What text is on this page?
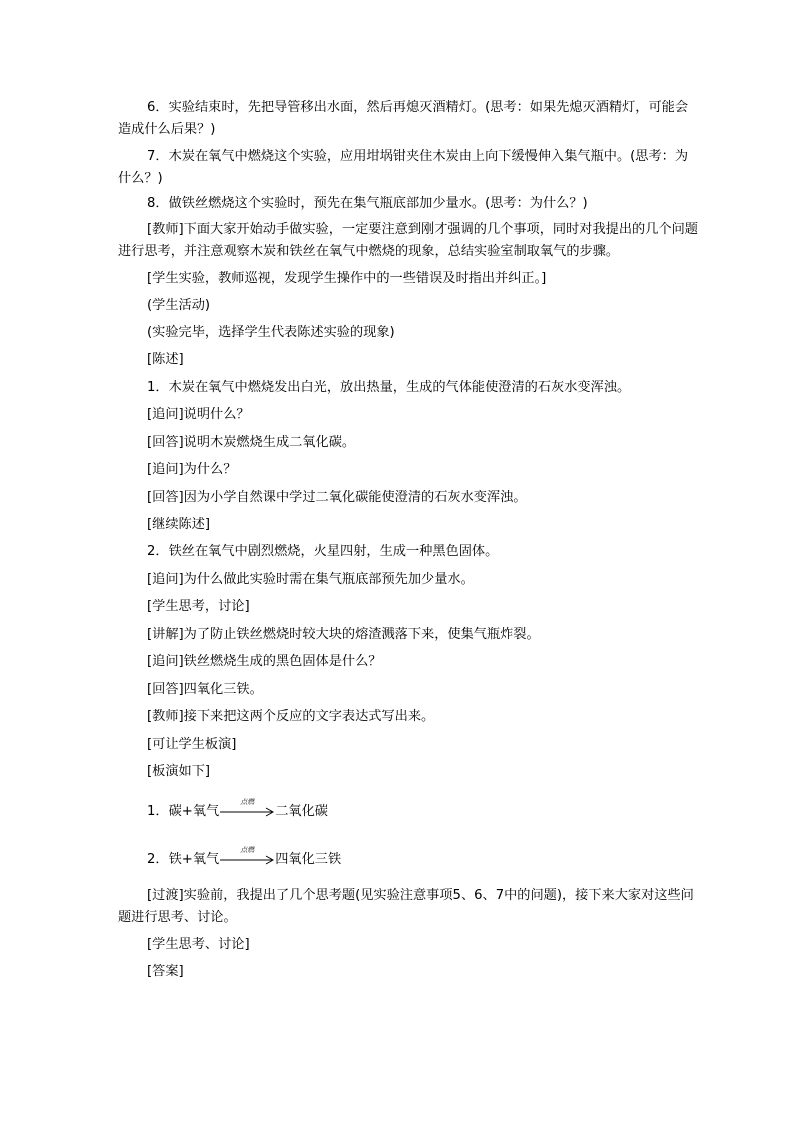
6．实验结束时，先把导管移出水面，然后再熄灭酒精灯。(思考：如果先熄灭酒精灯，可能会造成什么后果？)

7．木炭在氧气中燃烧这个实验，应用坩埚钳夹住木炭由上向下缓慢伸入集气瓶中。(思考：为什么？)

8．做铁丝燃烧这个实验时，预先在集气瓶底部加少量水。(思考：为什么？)

[教师]下面大家开始动手做实验，一定要注意到刚才强调的几个事项，同时对我提出的几个问题进行思考，并注意观察木炭和铁丝在氧气中燃烧的现象，总结实验室制取氧气的步骤。

[学生实验，教师巡视，发现学生操作中的一些错误及时指出并纠正。]

(学生活动)

(实验完毕，选择学生代表陈述实验的现象)

[陈述]

1．木炭在氧气中燃烧发出白光，放出热量，生成的气体能使澄清的石灰水变浑浊。

[追问]说明什么？

[回答]说明木炭燃烧生成二氧化碳。

[追问]为什么？

[回答]因为小学自然课中学过二氧化碳能使澄清的石灰水变浑浊。

[继续陈述]

2．铁丝在氧气中剧烈燃烧，火星四射，生成一种黑色固体。

[追问]为什么做此实验时需在集气瓶底部预先加少量水。

[学生思考，讨论]

[讲解]为了防止铁丝燃烧时较大块的熔渣溅落下来，使集气瓶炸裂。

[追问]铁丝燃烧生成的黑色固体是什么？

[回答]四氧化三铁。

[教师]接下来把这两个反应的文字表达式写出来。

[可让学生板演]

[板演如下]

1．碳+氧气
点燃
二氧化碳
2．铁+氧气
点燃
四氧化三铁

[过渡]实验前，我提出了几个思考题(见实验注意事项5、6、7中的问题)，接下来大家对这些问题进行思考、讨论。

[学生思考、讨论]

[答案]
